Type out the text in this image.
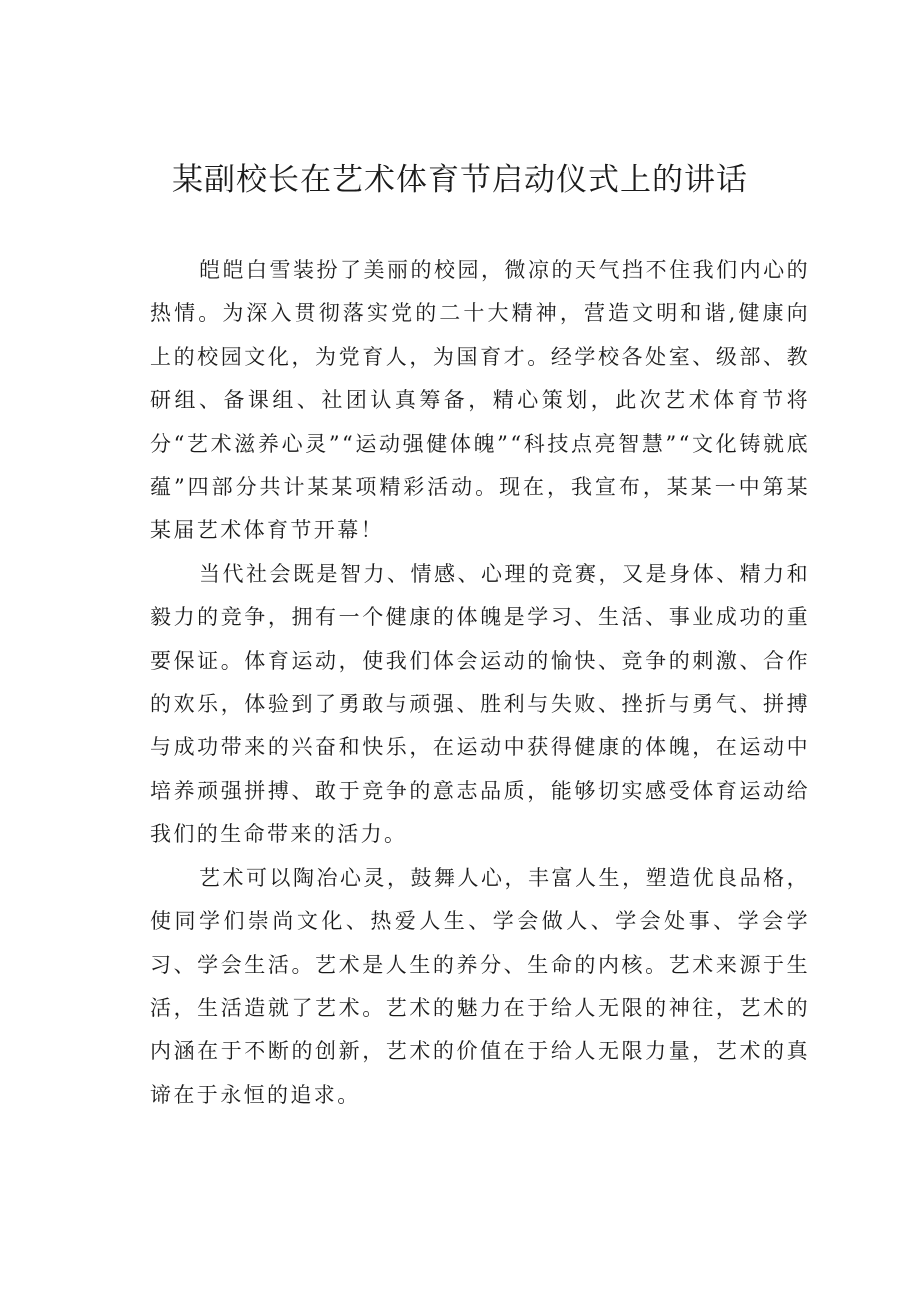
某副校长在艺术体育节启动仪式上的讲话

皑皑白雪装扮了美丽的校园，微凉的天气挡不住我们内心的热情。为深入贯彻落实党的二十大精神，营造文明和谐,健康向上的校园文化，为党育人，为国育才。经学校各处室、级部、教研组、备课组、社团认真筹备，精心策划，此次艺术体育节将分“艺术滋养心灵”“运动强健体魄”“科技点亮智慧”“文化铸就底蕴”四部分共计某某项精彩活动。现在，我宣布，某某一中第某某届艺术体育节开幕！

当代社会既是智力、情感、心理的竞赛，又是身体、精力和毅力的竞争，拥有一个健康的体魄是学习、生活、事业成功的重要保证。体育运动，使我们体会运动的愉快、竞争的刺激、合作的欢乐，体验到了勇敢与顽强、胜利与失败、挫折与勇气、拼搏与成功带来的兴奋和快乐，在运动中获得健康的体魄，在运动中培养顽强拼搏、敢于竞争的意志品质，能够切实感受体育运动给我们的生命带来的活力。

艺术可以陶冶心灵，鼓舞人心，丰富人生，塑造优良品格，使同学们崇尚文化、热爱人生、学会做人、学会处事、学会学习、学会生活。艺术是人生的养分、生命的内核。艺术来源于生活，生活造就了艺术。艺术的魅力在于给人无限的神往，艺术的内涵在于不断的创新，艺术的价值在于给人无限力量，艺术的真谛在于永恒的追求。
